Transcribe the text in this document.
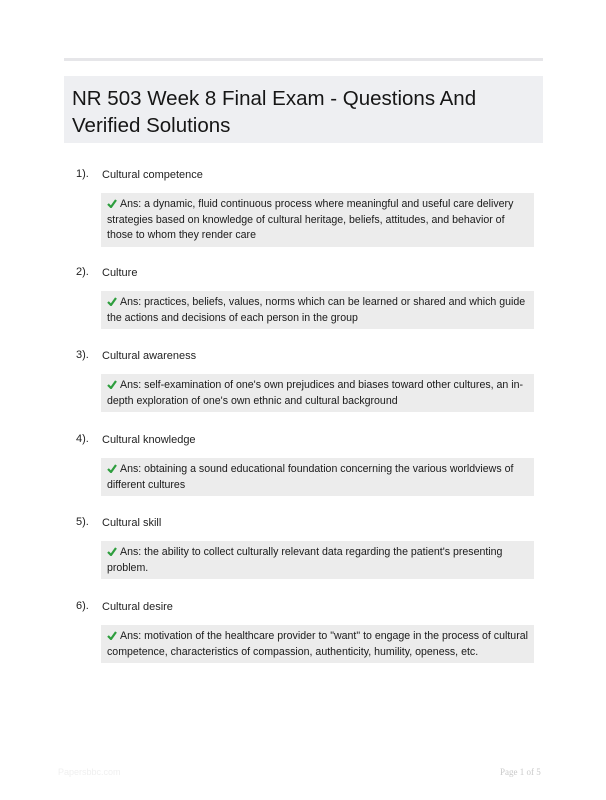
NR 503 Week 8 Final Exam - Questions And
Verified Solutions
1). Cultural competence
Ans: a dynamic, fluid continuous process where meaningful and useful care delivery strategies based on knowledge of cultural heritage, beliefs, attitudes, and behavior of those to whom they render care
2). Culture
Ans: practices, beliefs, values, norms which can be learned or shared and which guide the actions and decisions of each person in the group
3). Cultural awareness
Ans: self-examination of one's own prejudices and biases toward other cultures, an in-depth exploration of one's own ethnic and cultural background
4). Cultural knowledge
Ans: obtaining a sound educational foundation concerning the various worldviews of different cultures
5). Cultural skill
Ans: the ability to collect culturally relevant data regarding the patient's presenting problem.
6). Cultural desire
Ans: motivation of the healthcare provider to "want" to engage in the process of cultural competence, characteristics of compassion, authenticity, humility, openess, etc.
Papersbbc.com	Page 1 of 5
